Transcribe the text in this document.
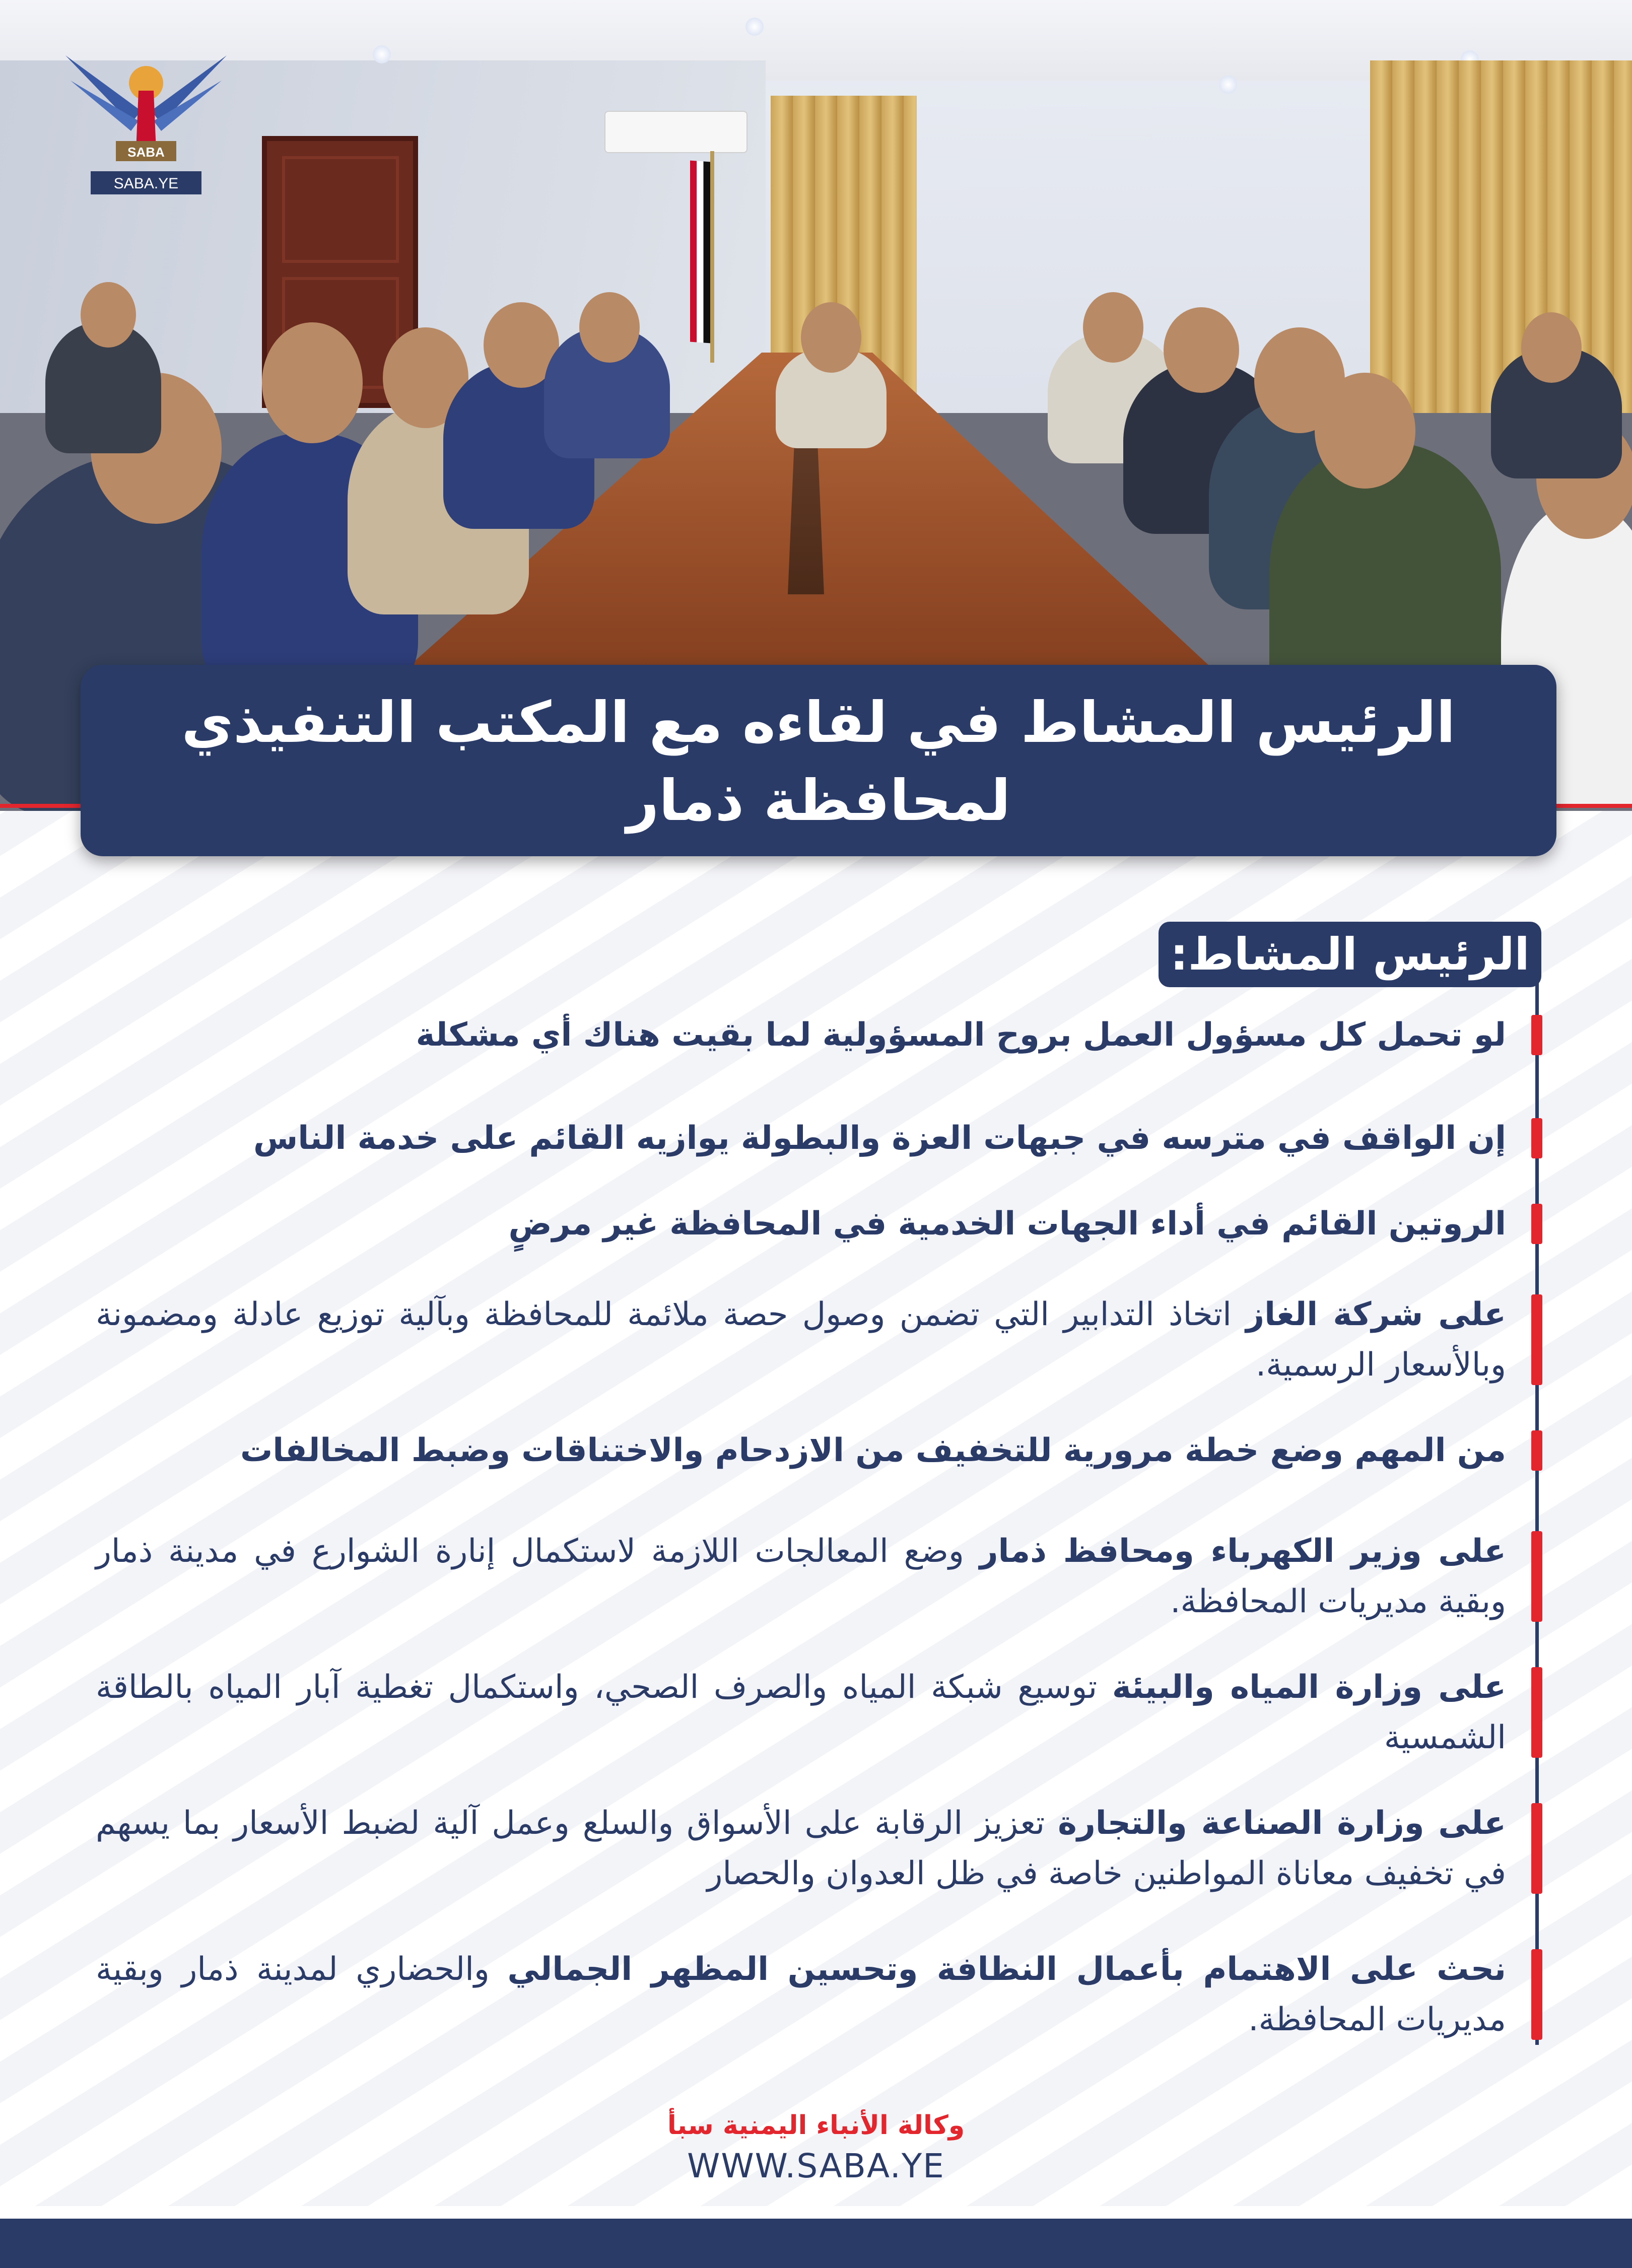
SABA
SABA.YE
الرئيس المشاط في لقاءه مع المكتب التنفيذي
لمحافظة ذمار
الرئيس المشاط:
وكالة الأنباء اليمنية سبأ
WWW.SABA.YE
لو تحمل كل مسؤول العمل بروح المسؤولية لما بقيت هناك أي مشكلة
إن الواقف في مترسه في جبهات العزة والبطولة يوازيه القائم على خدمة الناس
الروتين القائم في أداء الجهات الخدمية في المحافظة غير مرضٍ
على شركة الغاز اتخاذ التدابير التي تضمن وصول حصة ملائمة للمحافظة وبآلية توزيع عادلة ومضمونة وبالأسعار الرسمية.
من المهم وضع خطة مرورية للتخفيف من الازدحام والاختناقات وضبط المخالفات
على وزير الكهرباء ومحافظ ذمار وضع المعالجات اللازمة لاستكمال إنارة الشوارع في مدينة ذمار وبقية مديريات المحافظة.
على وزارة المياه والبيئة توسيع شبكة المياه والصرف الصحي، واستكمال تغطية آبار المياه بالطاقة الشمسية
على وزارة الصناعة والتجارة تعزيز الرقابة على الأسواق والسلع وعمل آلية لضبط الأسعار بما يسهم في تخفيف معاناة المواطنين خاصة في ظل العدوان والحصار
نحث على الاهتمام بأعمال النظافة وتحسين المظهر الجمالي والحضاري لمدينة ذمار وبقية مديريات المحافظة.
